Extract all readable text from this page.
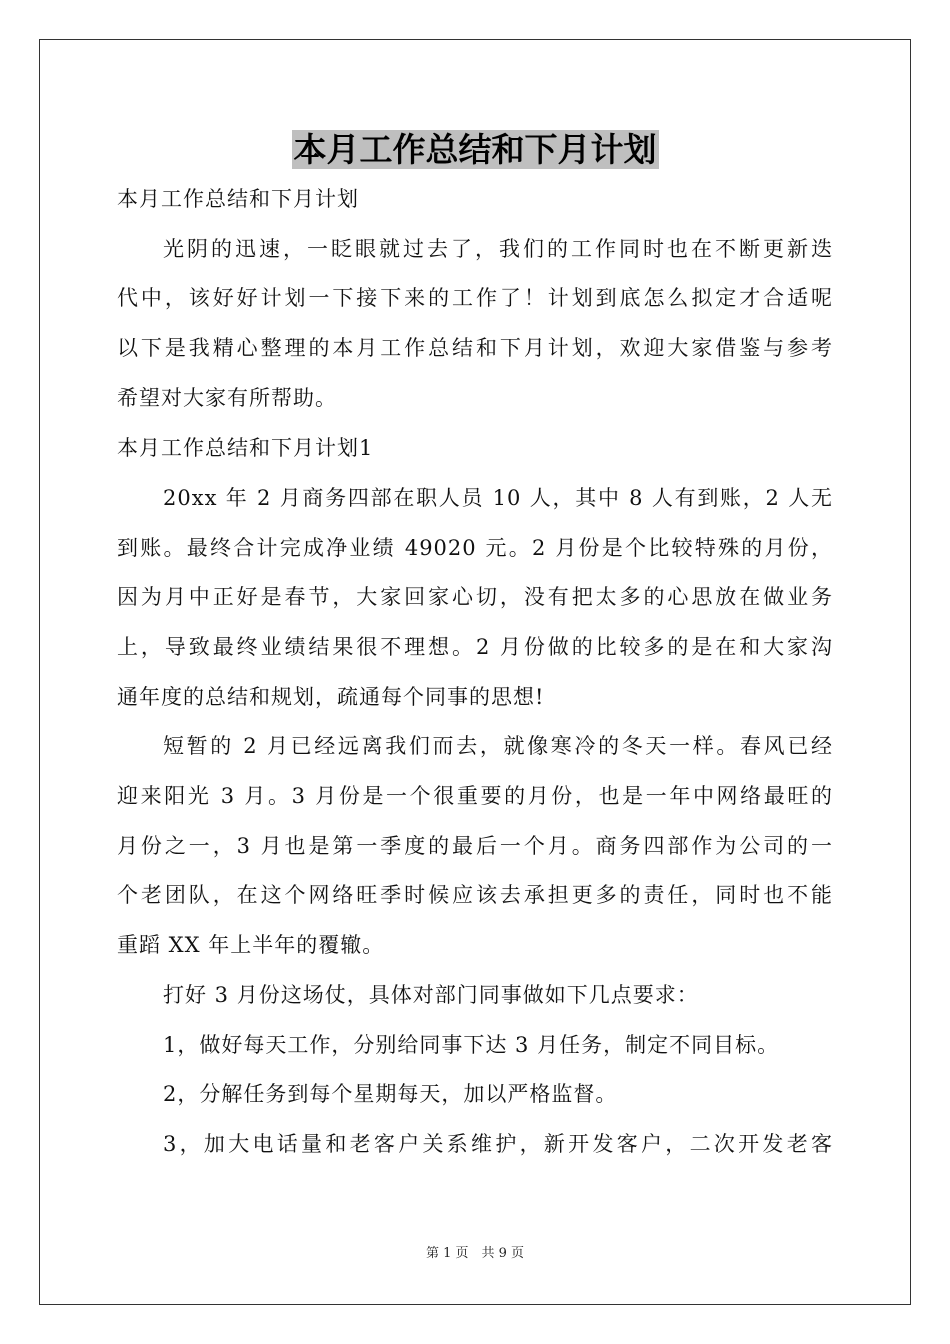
本月工作总结和下月计划
本月工作总结和下月计划
光阴的迅速，一眨眼就过去了，我们的工作同时也在不断更新迭
代中，该好好计划一下接下来的工作了！计划到底怎么拟定才合适呢
以下是我精心整理的本月工作总结和下月计划，欢迎大家借鉴与参考
希望对大家有所帮助。
本月工作总结和下月计划1
20xx 年 2 月商务四部在职人员 10 人，其中 8 人有到账，2 人无
到账。最终合计完成净业绩 49020 元。2 月份是个比较特殊的月份，
因为月中正好是春节，大家回家心切，没有把太多的心思放在做业务
上，导致最终业绩结果很不理想。2 月份做的比较多的是在和大家沟
通年度的总结和规划，疏通每个同事的思想!
短暂的 2 月已经远离我们而去，就像寒冷的冬天一样。春风已经
迎来阳光 3 月。3 月份是一个很重要的月份，也是一年中网络最旺的
月份之一，3 月也是第一季度的最后一个月。商务四部作为公司的一
个老团队，在这个网络旺季时候应该去承担更多的责任，同时也不能
重蹈 XX 年上半年的覆辙。
打好 3 月份这场仗，具体对部门同事做如下几点要求：
1，做好每天工作，分别给同事下达 3 月任务，制定不同目标。
2，分解任务到每个星期每天，加以严格监督。
3，加大电话量和老客户关系维护，新开发客户，二次开发老客
第 1 页　共 9 页
